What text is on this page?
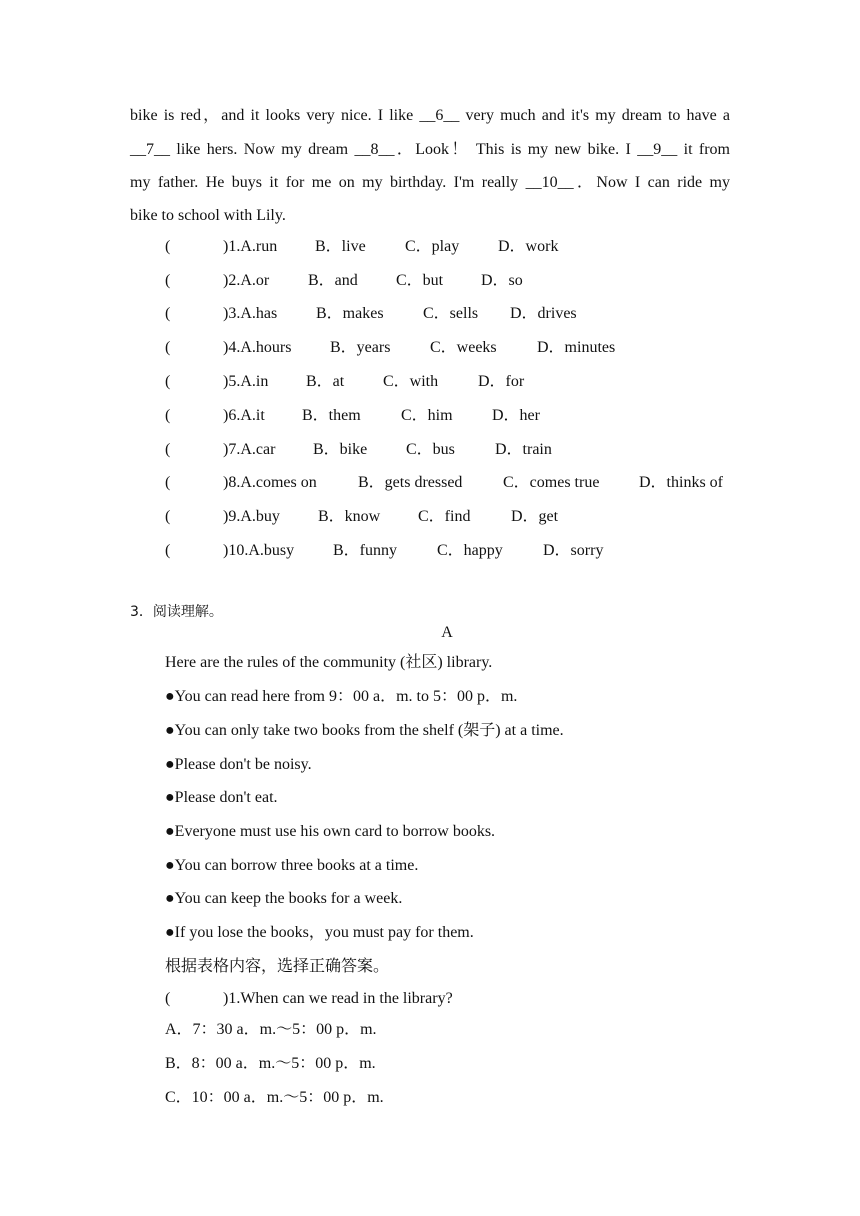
bike is red，and it looks very nice. I like __6__ very much and it's my dream to have a
__7__ like hers. Now my dream __8__．Look！ This is my new bike. I __9__ it from
my father. He buys it for me on my birthday. I'm really __10__．Now I can ride my
bike to school with Lily.
(	)1.A.run	B．live	C．play	D．work
(	)2.A.or	B．and	C．but	D．so
(	)3.A.has	B．makes	C．sells	D．drives
(	)4.A.hours	B．years	C．weeks	D．minutes
(	)5.A.in	B．at	C．with	D．for
(	)6.A.it	B．them	C．him	D．her
(	)7.A.car	B．bike	C．bus	D．train
(	)8.A.comes on	B．gets dressed	C．comes true	D．thinks of
(	)9.A.buy	B．know	C．find	D．get
(	)10.A.busy	B．funny	C．happy	D．sorry
3．阅读理解。
A
Here are the rules of the community (社区) library.
●You can read here from 9：00 a．m. to 5：00 p．m.
●You can only take two books from the shelf (架子) at a time.
●Please don't be noisy.
●Please don't eat.
●Everyone must use his own card to borrow books.
●You can borrow three books at a time.
●You can keep the books for a week.
●If you lose the books，you must pay for them.
根据表格内容，选择正确答案。
(	)1.When can we read in the library?
A．7：30 a．m.～5：00 p．m.
B．8：00 a．m.～5：00 p．m.
C．10：00 a．m.～5：00 p．m.
